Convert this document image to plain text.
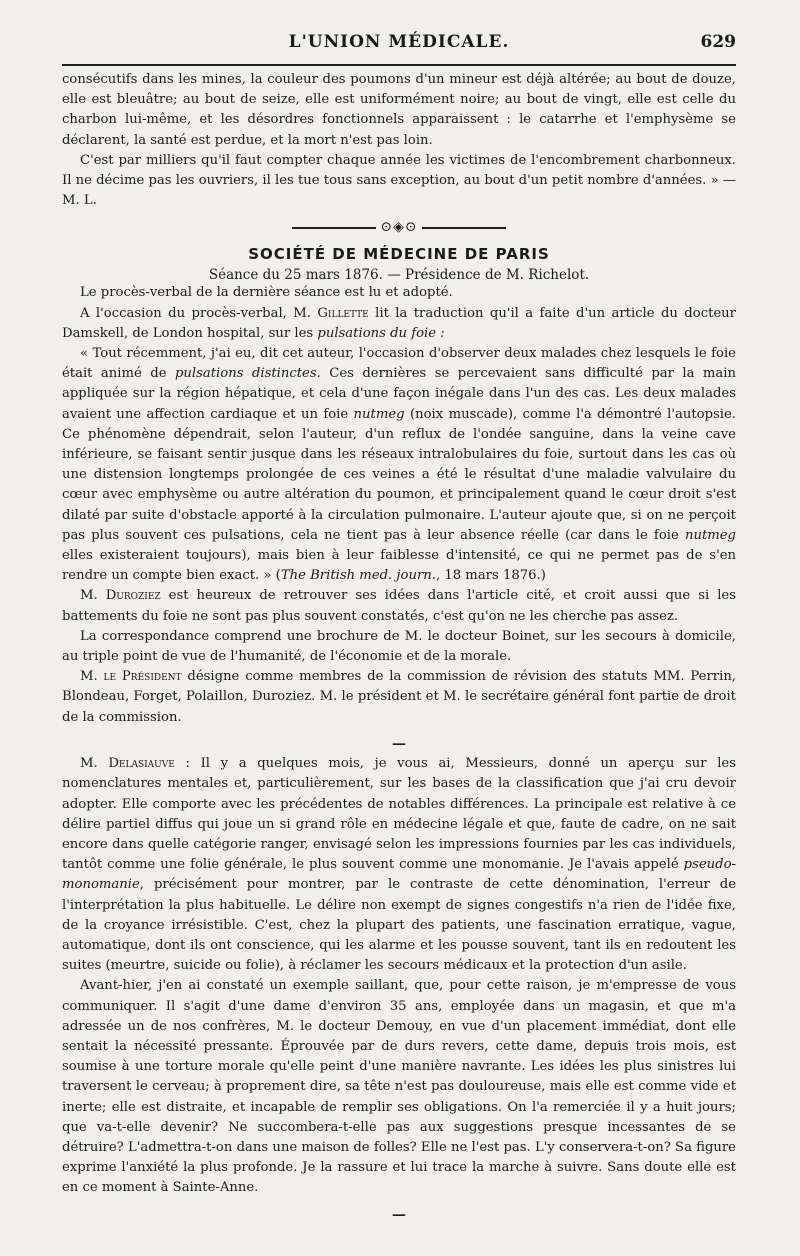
L'UNION MÉDICALE.	629

consécutifs dans les mines, la couleur des poumons d'un mineur est déjà altérée; au bout de douze, elle est bleuâtre; au bout de seize, elle est uniformément noire; au bout de vingt, elle est celle du charbon lui-même, et les désordres fonctionnels apparaissent : le catarrhe et l'emphysème se déclarent, la santé est perdue, et la mort n'est pas loin.

C'est par milliers qu'il faut compter chaque année les victimes de l'encombrement charbonneux. Il ne décime pas les ouvriers, il les tue tous sans exception, au bout d'un petit nombre d'années. » — M. L.

⊙◈⊙
SOCIÉTÉ DE MÉDECINE DE PARIS
Séance du 25 mars 1876. — Présidence de M. Richelot.

Le procès-verbal de la dernière séance est lu et adopté.

A l'occasion du procès-verbal, M. Gillette lit la traduction qu'il a faite d'un article du docteur Damskell, de London hospital, sur les pulsations du foie :

« Tout récemment, j'ai eu, dit cet auteur, l'occasion d'observer deux malades chez lesquels le foie était animé de pulsations distinctes. Ces dernières se percevaient sans difficulté par la main appliquée sur la région hépatique, et cela d'une façon inégale dans l'un des cas. Les deux malades avaient une affection cardiaque et un foie nutmeg (noix muscade), comme l'a démontré l'autopsie. Ce phénomène dépendrait, selon l'auteur, d'un reflux de l'ondée sanguine, dans la veine cave inférieure, se faisant sentir jusque dans les réseaux intralobulaires du foie, surtout dans les cas où une distension longtemps prolongée de ces veines a été le résultat d'une maladie valvulaire du cœur avec emphysème ou autre altération du poumon, et principalement quand le cœur droit s'est dilaté par suite d'obstacle apporté à la circulation pulmonaire. L'auteur ajoute que, si on ne perçoit pas plus souvent ces pulsations, cela ne tient pas à leur absence réelle (car dans le foie nutmeg elles existeraient toujours), mais bien à leur faiblesse d'intensité, ce qui ne permet pas de s'en rendre un compte bien exact. » (The British med. journ., 18 mars 1876.)

M. Duroziez est heureux de retrouver ses idées dans l'article cité, et croit aussi que si les battements du foie ne sont pas plus souvent constatés, c'est qu'on ne les cherche pas assez.

La correspondance comprend une brochure de M. le docteur Boinet, sur les secours à domicile, au triple point de vue de l'humanité, de l'économie et de la morale.

M. le Président désigne comme membres de la commission de révision des statuts MM. Perrin, Blondeau, Forget, Polaillon, Duroziez. M. le président et M. le secrétaire général font partie de droit de la commission.

—

M. Delasiauve : Il y a quelques mois, je vous ai, Messieurs, donné un aperçu sur les nomenclatures mentales et, particulièrement, sur les bases de la classification que j'ai cru devoir adopter. Elle comporte avec les précédentes de notables différences. La principale est relative à ce délire partiel diffus qui joue un si grand rôle en médecine légale et que, faute de cadre, on ne sait encore dans quelle catégorie ranger, envisagé selon les impressions fournies par les cas individuels, tantôt comme une folie générale, le plus souvent comme une monomanie. Je l'avais appelé pseudo-monomanie, précisément pour montrer, par le contraste de cette dénomination, l'erreur de l'interprétation la plus habituelle. Le délire non exempt de signes congestifs n'a rien de l'idée fixe, de la croyance irrésistible. C'est, chez la plupart des patients, une fascination erratique, vague, automatique, dont ils ont conscience, qui les alarme et les pousse souvent, tant ils en redoutent les suites (meurtre, suicide ou folie), à réclamer les secours médicaux et la protection d'un asile.

Avant-hier, j'en ai constaté un exemple saillant, que, pour cette raison, je m'empresse de vous communiquer. Il s'agit d'une dame d'environ 35 ans, employée dans un magasin, et que m'a adressée un de nos confrères, M. le docteur Demouy, en vue d'un placement immédiat, dont elle sentait la nécessité pressante. Éprouvée par de durs revers, cette dame, depuis trois mois, est soumise à une torture morale qu'elle peint d'une manière navrante. Les idées les plus sinistres lui traversent le cerveau; à proprement dire, sa tête n'est pas douloureuse, mais elle est comme vide et inerte; elle est distraite, et incapable de remplir ses obligations. On l'a remerciée il y a huit jours; que va-t-elle devenir? Ne succombera-t-elle pas aux suggestions presque incessantes de se détruire? L'admettra-t-on dans une maison de folles? Elle ne l'est pas. L'y conservera-t-on? Sa figure exprime l'anxiété la plus profonde. Je la rassure et lui trace la marche à suivre. Sans doute elle est en ce moment à Sainte-Anne.

—
